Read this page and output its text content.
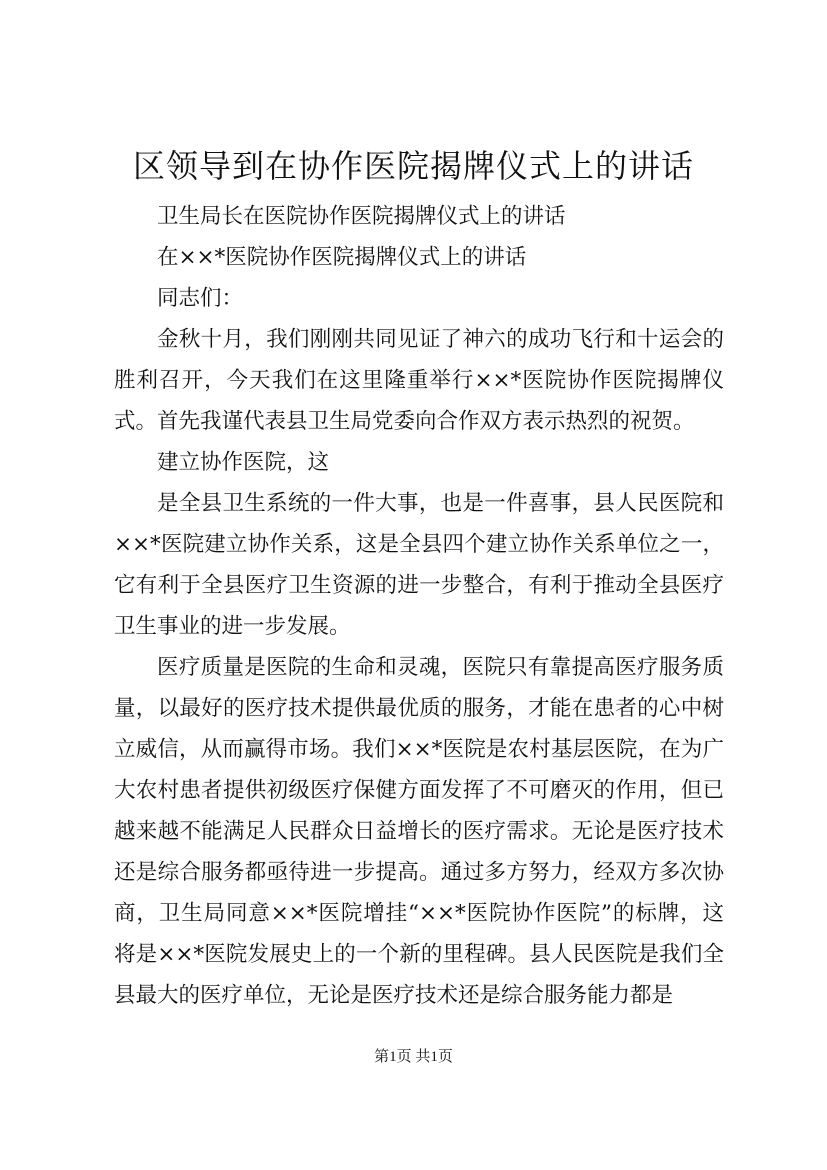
区领导到在协作医院揭牌仪式上的讲话

卫生局长在医院协作医院揭牌仪式上的讲话

在××*医院协作医院揭牌仪式上的讲话

同志们：

金秋十月，我们刚刚共同见证了神六的成功飞行和十运会的胜利召开，今天我们在这里隆重举行××*医院协作医院揭牌仪式。首先我谨代表县卫生局党委向合作双方表示热烈的祝贺。

建立协作医院，这

是全县卫生系统的一件大事，也是一件喜事，县人民医院和××*医院建立协作关系，这是全县四个建立协作关系单位之一，它有利于全县医疗卫生资源的进一步整合，有利于推动全县医疗卫生事业的进一步发展。

医疗质量是医院的生命和灵魂，医院只有靠提高医疗服务质量，以最好的医疗技术提供最优质的服务，才能在患者的心中树立威信，从而赢得市场。我们××*医院是农村基层医院，在为广大农村患者提供初级医疗保健方面发挥了不可磨灭的作用，但已越来越不能满足人民群众日益增长的医疗需求。无论是医疗技术还是综合服务都亟待进一步提高。通过多方努力，经双方多次协商，卫生局同意××*医院增挂“××*医院协作医院”的标牌，这将是××*医院发展史上的一个新的里程碑。县人民医院是我们全县最大的医疗单位，无论是医疗技术还是综合服务能力都是

第1页 共1页
